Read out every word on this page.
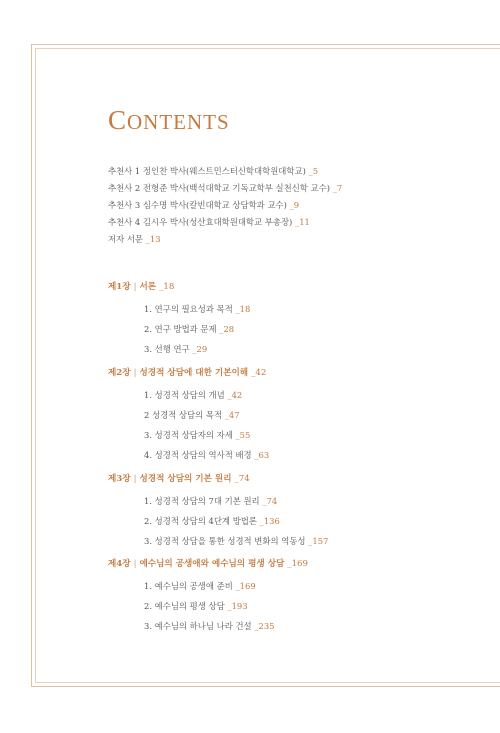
CONTENTS
추천사 1 정인찬 박사(웨스트민스터신학대학원대학교) _5
추천사 2 전형준 박사(백석대학교 기독교학부 실천신학 교수) _7
추천사 3 심수명 박사(칼빈대학교 상담학과 교수) _9
추천사 4 김시우 박사(성산효대학원대학교 부총장) _11
저자 서문 _13
제1장 | 서론 _18
1. 연구의 필요성과 목적 _18
2. 연구 방법과 문제 _28
3. 선행 연구 _29
제2장 | 성경적 상담에 대한 기본이해 _42
1. 성경적 상담의 개념 _42
2 성경적 상담의 목적 _47
3. 성경적 상담자의 자세 _55
4. 성경적 상담의 역사적 배경 _63
제3장 | 성경적 상담의 기본 원리 _74
1. 성경적 상담의 7대 기본 원리 _74
2. 성경적 상담의 4단계 방법론 _136
3. 성경적 상담을 통한 성경적 변화의 역동성 _157
제4장 | 예수님의 공생애와 예수님의 평생 상담 _169
1. 예수님의 공생애 준비 _169
2. 예수님의 평생 상담 _193
3. 예수님의 하나님 나라 건설 _235
